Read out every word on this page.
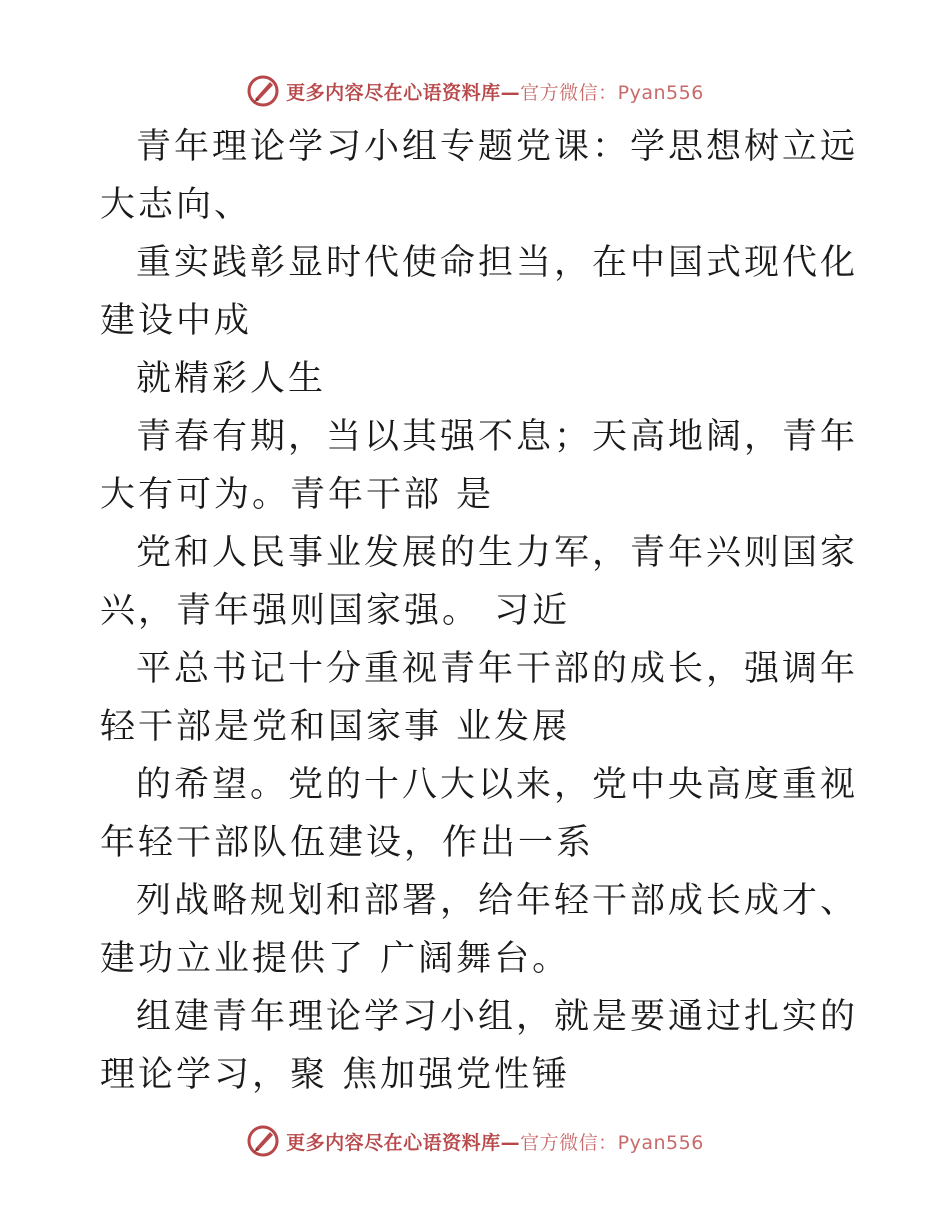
更多内容尽在心语资料库—官方微信：Pyan556

青年理论学习小组专题党课：学思想树立远大志向、

重实践彰显时代使命担当，在中国式现代化建设中成

就精彩人生

青春有期，当以其强不息；天高地阔，青年大有可为。青年干部 是

党和人民事业发展的生力军，青年兴则国家兴，青年强则国家强。 习近

平总书记十分重视青年干部的成长，强调年轻干部是党和国家事 业发展

的希望。党的十八大以来，党中央高度重视年轻干部队伍建设，作出一系

列战略规划和部署，给年轻干部成长成才、建功立业提供了 广阔舞台。

组建青年理论学习小组，就是要通过扎实的理论学习，聚 焦加强党性锤

更多内容尽在心语资料库—官方微信：Pyan556
